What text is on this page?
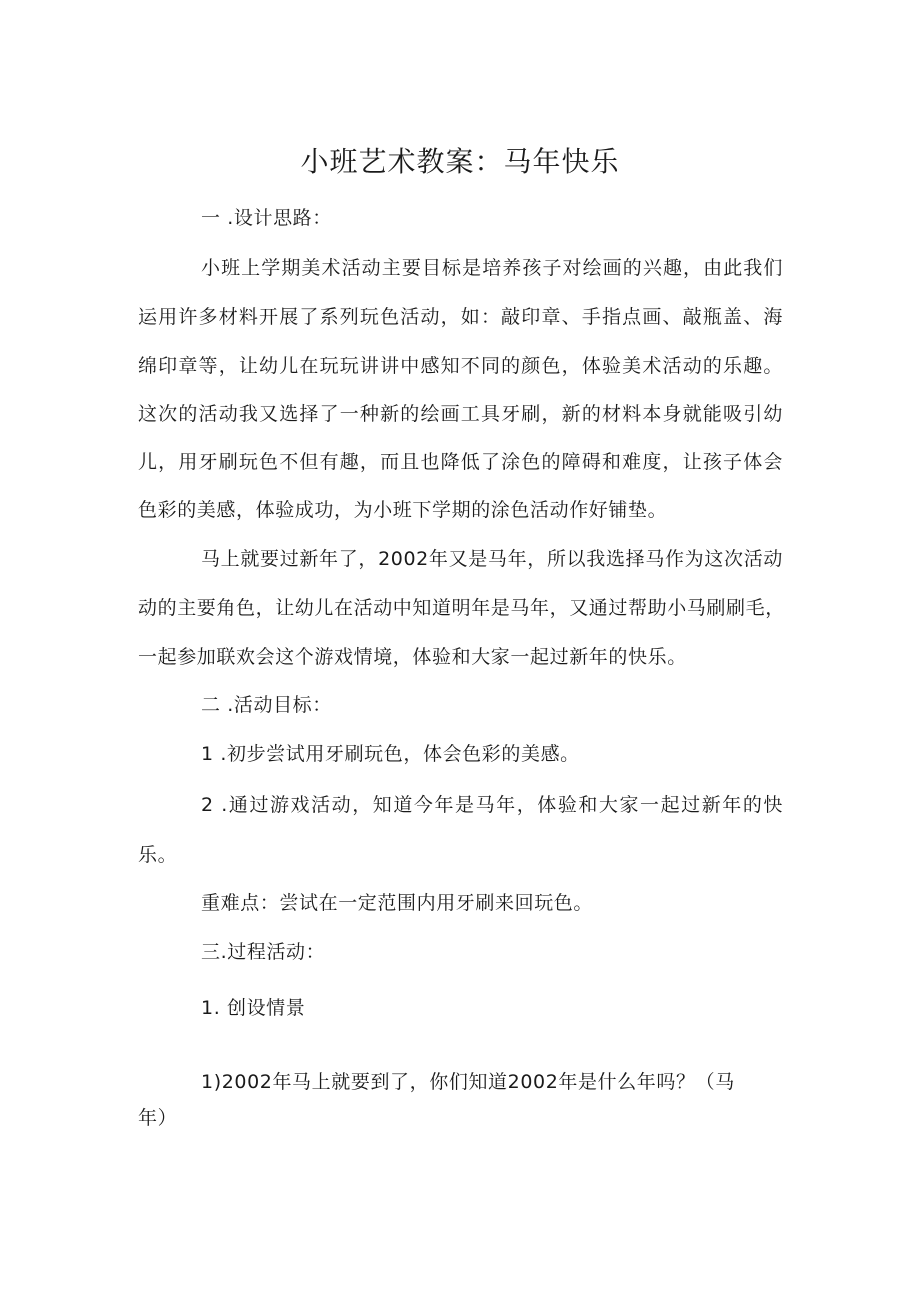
小班艺术教案：马年快乐
一 .设计思路：
小班上学期美术活动主要目标是培养孩子对绘画的兴趣，由此我们
运用许多材料开展了系列玩色活动，如：敲印章、手指点画、敲瓶盖、海
绵印章等，让幼儿在玩玩讲讲中感知不同的颜色，体验美术活动的乐趣。
这次的活动我又选择了一种新的绘画工具牙刷，新的材料本身就能吸引幼
儿，用牙刷玩色不但有趣，而且也降低了涂色的障碍和难度，让孩子体会
色彩的美感，体验成功，为小班下学期的涂色活动作好铺垫。
马上就要过新年了，2002年又是马年，所以我选择马作为这次活动
动的主要角色，让幼儿在活动中知道明年是马年，又通过帮助小马刷刷毛，
一起参加联欢会这个游戏情境，体验和大家一起过新年的快乐。
二 .活动目标：
1 .初步尝试用牙刷玩色，体会色彩的美感。
2 .通过游戏活动，知道今年是马年，体验和大家一起过新年的快
乐。
重难点：尝试在一定范围内用牙刷来回玩色。
三.过程活动：
1. 创设情景
1)2002年马上就要到了，你们知道2002年是什么年吗？（马
年）
